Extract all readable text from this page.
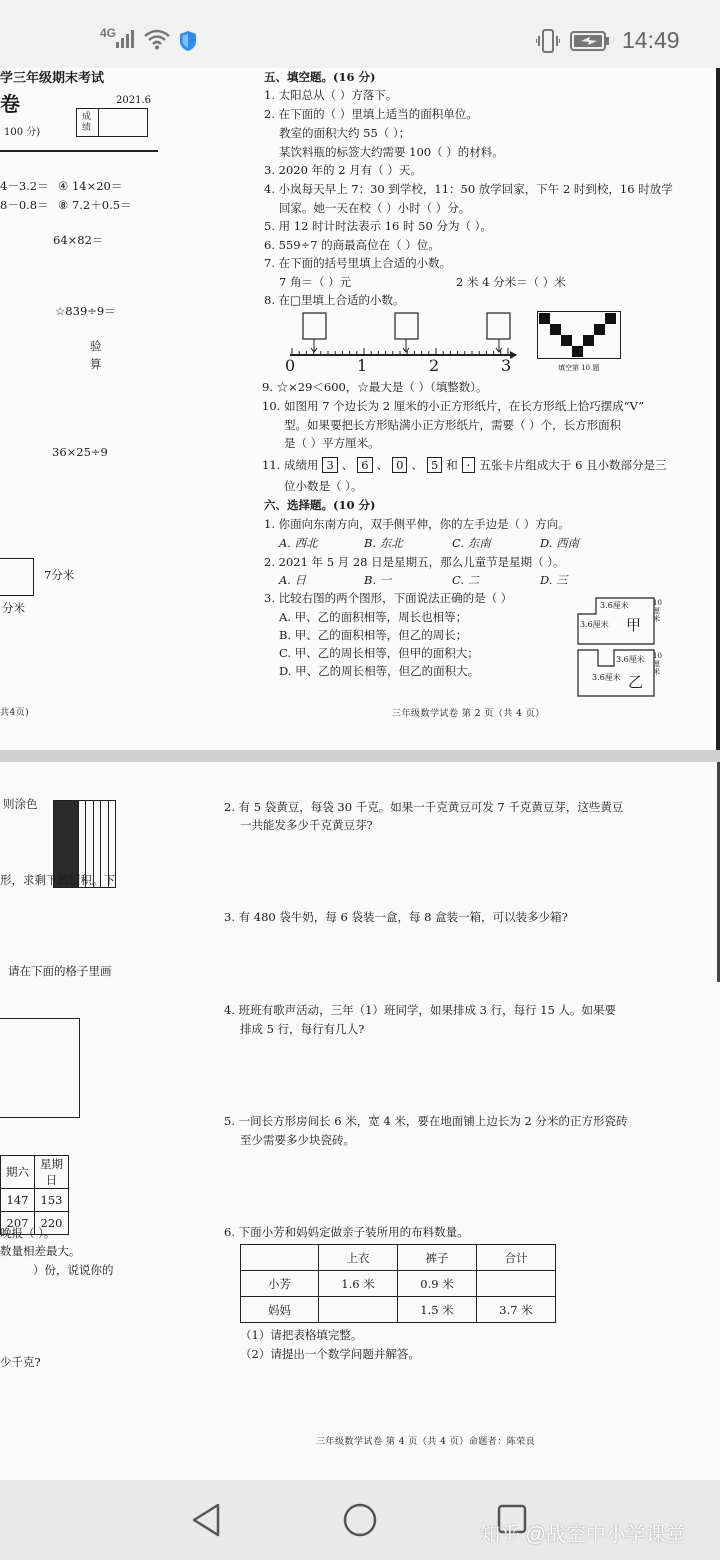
4G	14:49
学三年级期末考试
卷	2021.6
成绩
100 分)
4－3.2＝ ④ 14×20＝
8－0.8＝ ⑧ 7.2＋0.5＝
64×82＝
☆839÷9＝
验
算
36×25÷9
7分米
分米
共4页)
五、填空题。(16 分)
1. 太阳总从（ ）方落下。
2. 在下面的（ ）里填上适当的面积单位。
教室的面积大约 55（ ）；
某饮料瓶的标签大约需要 100（ ）的材料。
3. 2020 年的 2 月有（ ）天。
4. 小岚每天早上 7：30 到学校，11：50 放学回家，下午 2 时到校，16 时放学
回家。她一天在校（ ）小时（ ）分。
5. 用 12 时计时法表示 16 时 50 分为（ ）。
6. 559÷7 的商最高位在（ ）位。
7. 在下面的括号里填上合适的小数。
7 角＝（ ）元	2 米 4 分米＝（ ）米
8. 在□里填上合适的小数。
0	1	2	3	填空第 10 题
9. ☆×29＜600，☆最大是（ ）（填整数）。
10. 如图用 7 个边长为 2 厘米的小正方形纸片，在长方形纸上恰巧摆成“V”
型。如果要把长方形贴满小正方形纸片，需要（ ）个，长方形面积
是（ ）平方厘米。
11. 成绩用 3 、 6 、 0 、 5 和 · 五张卡片组成大于 6 且小数部分是三
位小数是（ ）。
六、选择题。(10 分)
1. 你面向东南方向，双手侧平伸，你的左手边是（ ）方向。
A. 西北	B. 东北	C. 东南	D. 西南
2. 2021 年 5 月 28 日是星期五，那么儿童节是星期（ ）。
A. 日	B. 一	C. 二	D. 三
3. 比较右图的两个图形，下面说法正确的是（ ）
A. 甲、乙的面积相等，周长也相等；
B. 甲、乙的面积相等，但乙的周长；
C. 甲、乙的周长相等，但甲的面积大；
D. 甲、乙的周长相等，但乙的面积大。
3.6厘米
3.6厘米
10厘米
甲
3.6厘米
3.6厘米
10厘米
乙
三年级数学试卷 第 2 页（共 4 页）
则涂色
形，求剩下的面积。下
请在下面的格子里画
期六	星期日
147	153
207	220
晚报（ ）。
数量相差最大。
）份，说说你的
少千克?
2. 有 5 袋黄豆，每袋 30 千克。如果一千克黄豆可发 7 千克黄豆芽，这些黄豆
一共能发多少千克黄豆芽?
3. 有 480 袋牛奶，每 6 袋装一盒，每 8 盒装一箱，可以装多少箱?
4. 班班有歌声活动，三年（1）班同学，如果排成 3 行，每行 15 人。如果要
排成 5 行，每行有几人?
5. 一间长方形房间长 6 米，宽 4 米，要在地面铺上边长为 2 分米的正方形瓷砖
至少需要多少块瓷砖。
6. 下面小芳和妈妈定做亲子装所用的布料数量。
	上衣	裤子	合计
小芳	1.6 米	0.9 米	
妈妈		1.5 米	3.7 米
（1）请把表格填完整。
（2）请提出一个数学问题并解答。
三年级数学试卷 第 4 页（共 4 页）命题者：陈荣良
知乎 @战空中小学课堂
